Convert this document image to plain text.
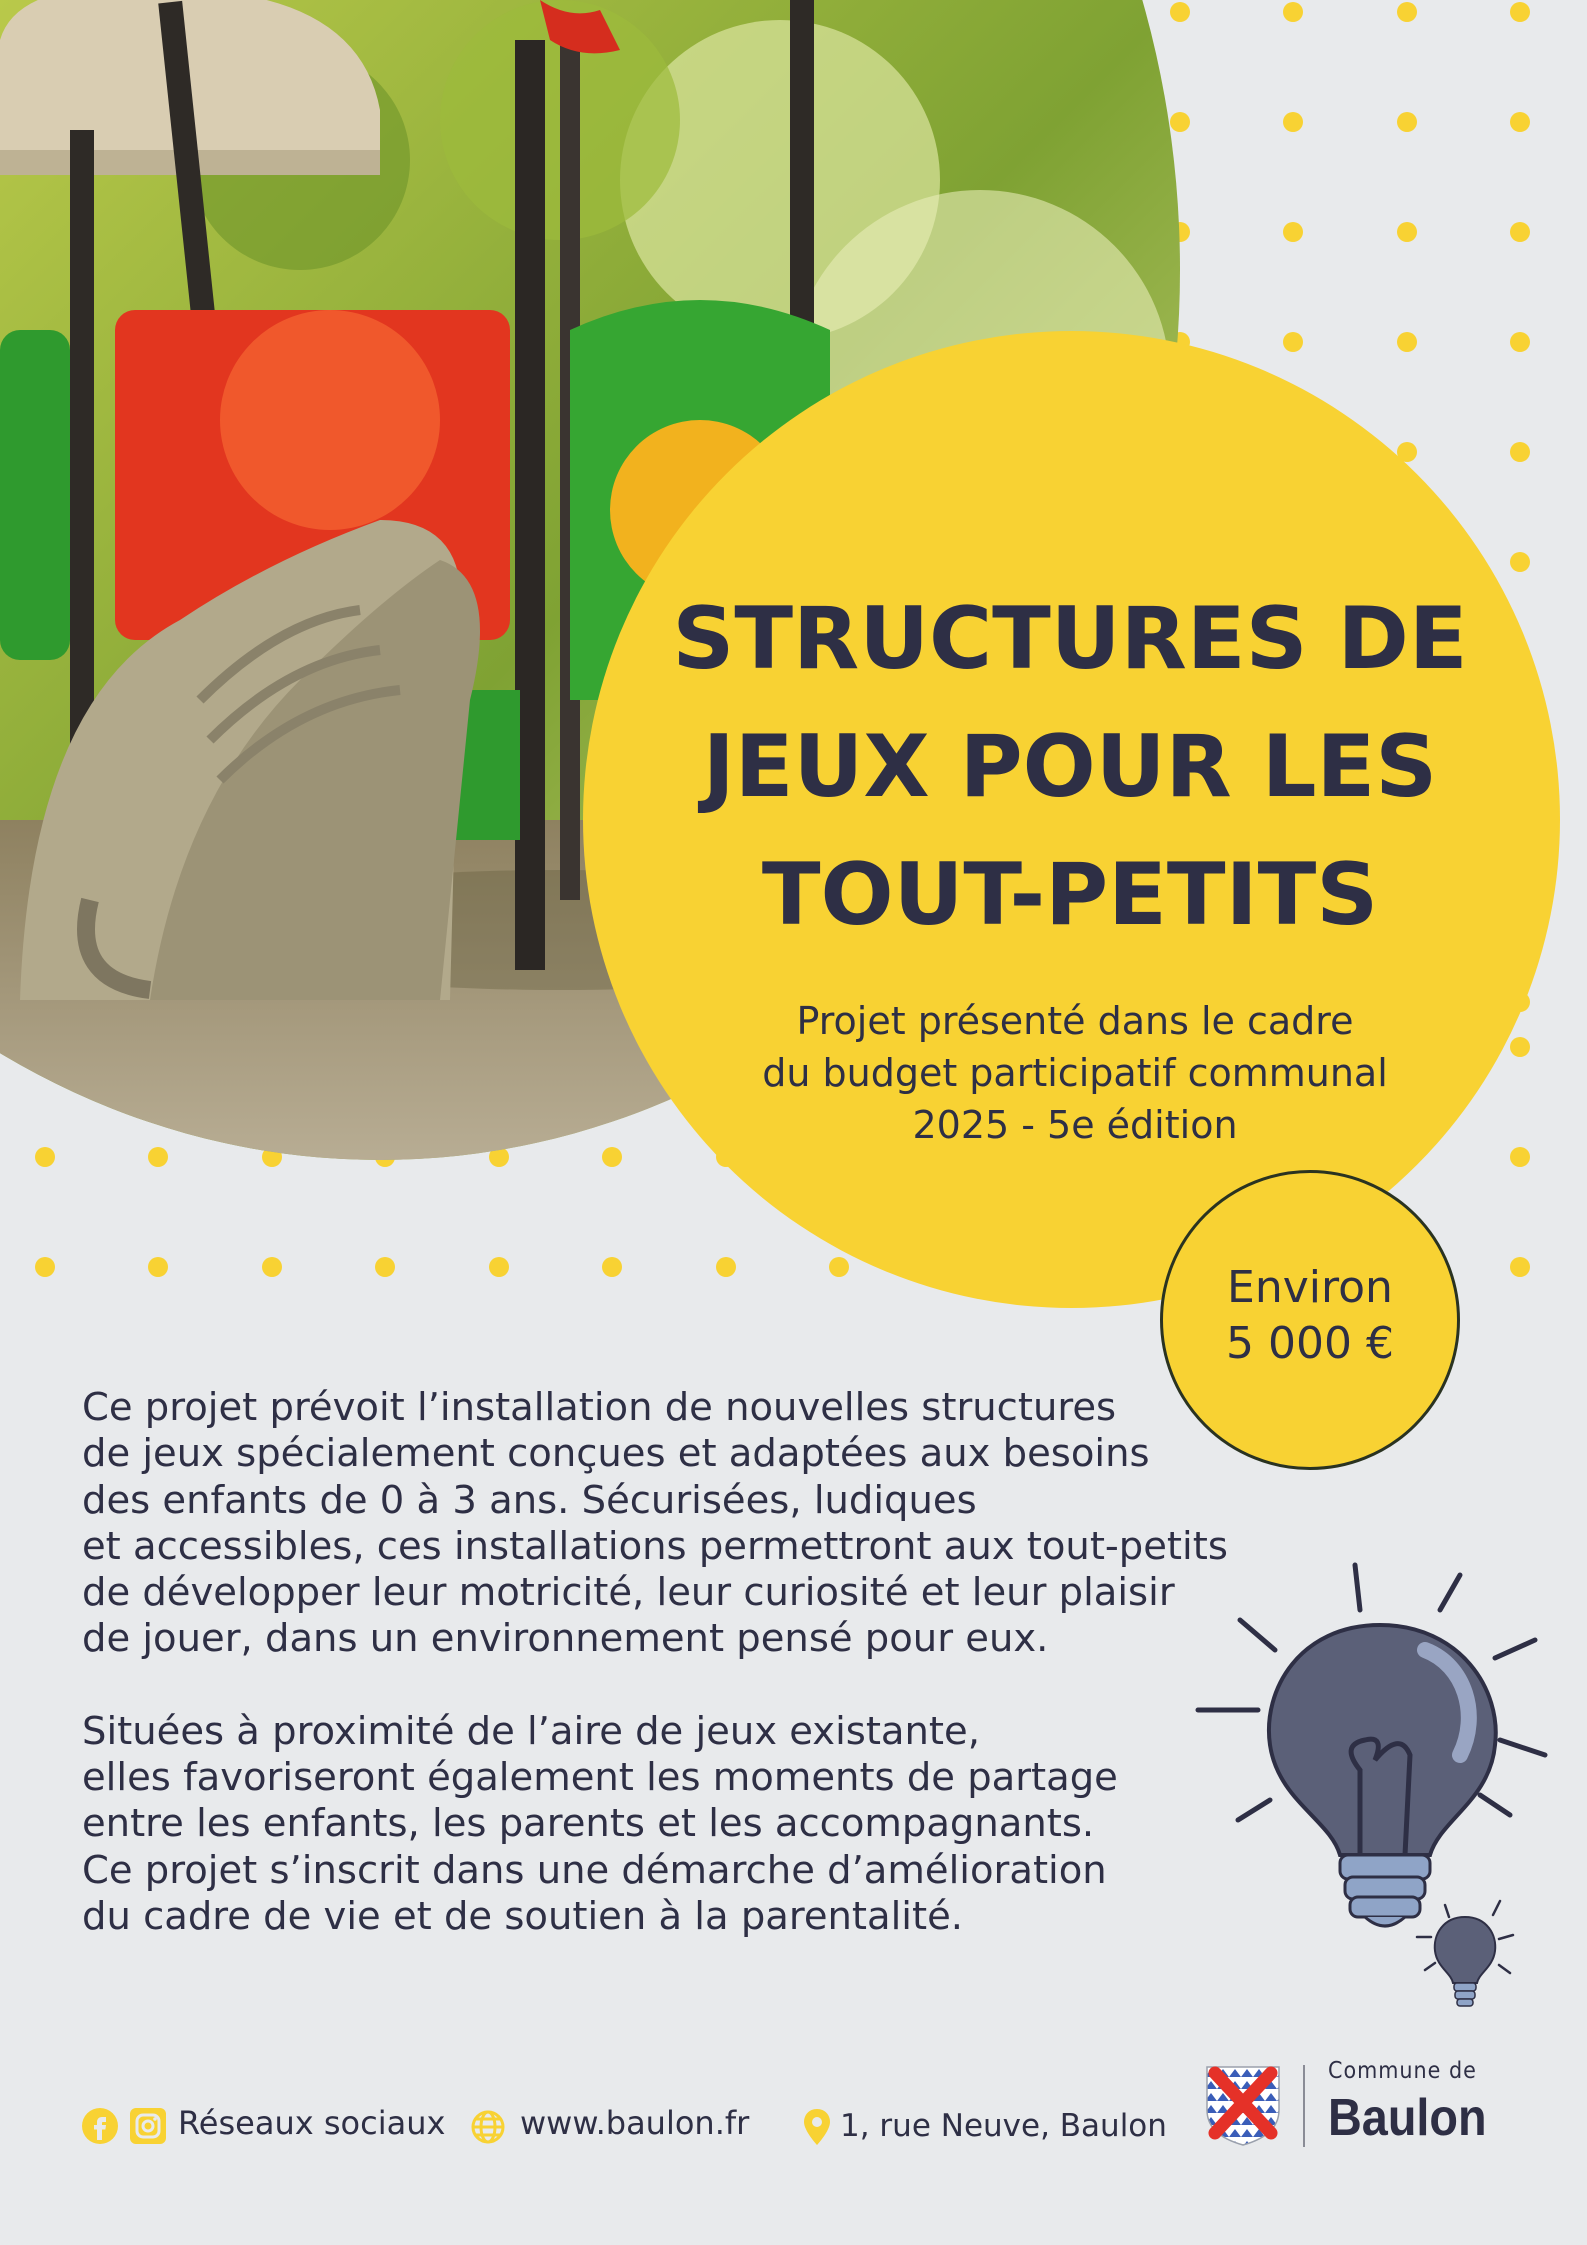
STRUCTURES DE
JEUX POUR LES
TOUT-PETITS

Projet présenté dans le cadre
du budget participatif communal
2025 - 5e édition

Environ
5 000 €
Ce projet prévoit l’installation de nouvelles structures
de jeux spécialement conçues et adaptées aux besoins
des enfants de 0 à 3 ans. Sécurisées, ludiques
et accessibles, ces installations permettront aux tout-petits
de développer leur motricité, leur curiosité et leur plaisir
de jouer, dans un environnement pensé pour eux.
Situées à proximité de l’aire de jeux existante,
elles favoriseront également les moments de partage
entre les enfants, les parents et les accompagnants.
Ce projet s’inscrit dans une démarche d’amélioration
du cadre de vie et de soutien à la parentalité.
Réseaux sociaux www.baulon.fr	1, rue Neuve, Baulon
Commune de
Baulon
